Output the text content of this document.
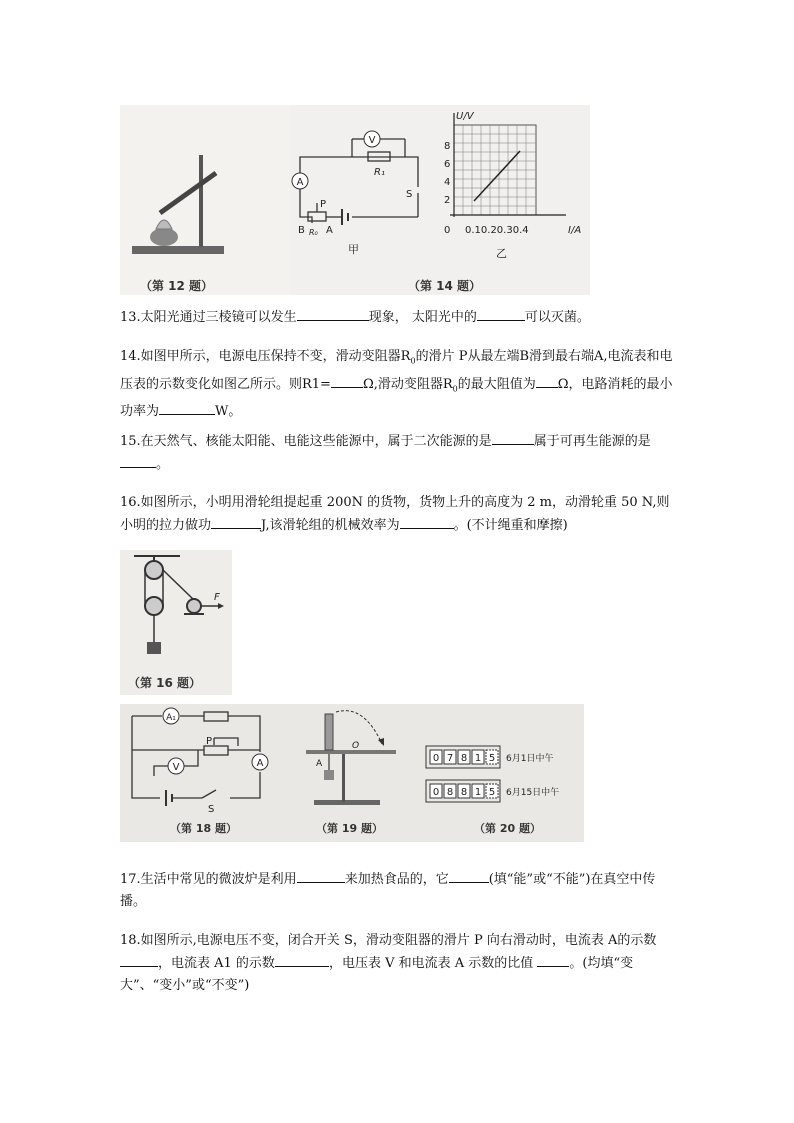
（第 12 题）
V
A
R₁
S
P
B R₀ A
甲
U/V
I/A
8
6
4
2
0 0.10.20.30.4
乙
（第 14 题）

13.太阳光通过三棱镜可以发生	现象， 太阳光中的	可以灭菌。

14.如图甲所示，电源电压保持不变，滑动变阻器$R_0$的滑片 P从最左端B滑到最右端A,电流表和电压表的示数变化如图乙所示。则R1= Ω,滑动变阻器$R_0$的最大阻值为 Ω，电路消耗的最小功率为	W。

15.在天然气、核能太阳能、电能这些能源中，属于二次能源的是	属于可再生能源的是。

16.如图所示，小明用滑轮组提起重 200N 的货物，货物上升的高度为 2 m，动滑轮重 50 N,则小明的拉力做功	J,该滑轮组的机械效率为	。(不计绳重和摩擦)

F
（第 16 题）
A₁
P
A
V
S
A
O
0 7 8 1 5 6月1日中午
0 8 8 1 5 6月15日中午
（第 18 题）	（第 19 题）	（第 20 题）

17.生活中常见的微波炉是利用	来加热食品的，它	(填“能”或“不能”)在真空中传播。

18.如图所示,电源电压不变，闭合开关 S，滑动变阻器的滑片 P 向右滑动时，电流表 A的示数，电流表 A1 的示数	，电压表 V 和电流表 A 示数的比值 。(均填“变大”、“变小”或“不变”)
